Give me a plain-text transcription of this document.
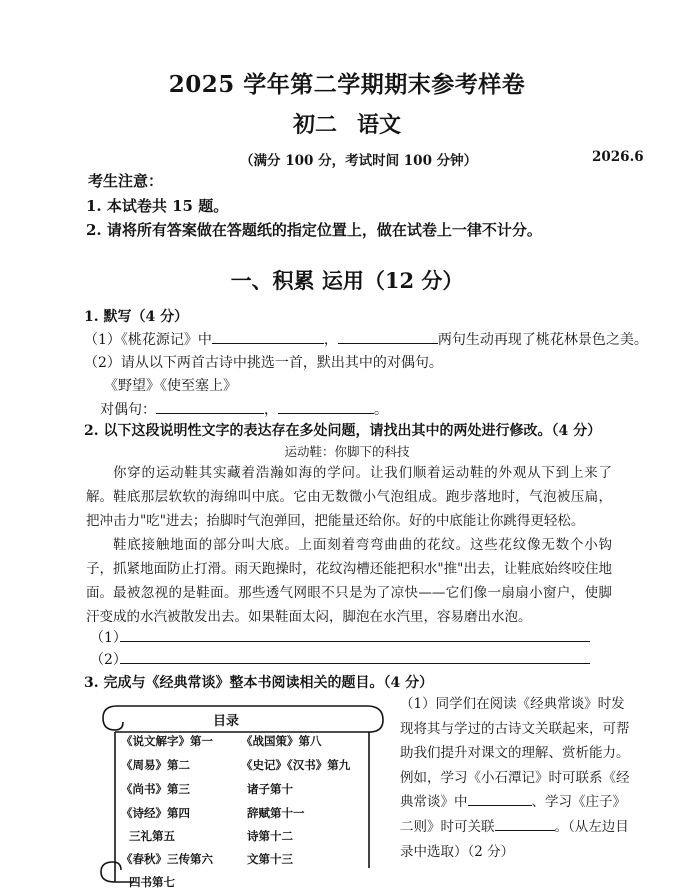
2025 学年第二学期期末参考样卷
初二 语文
（满分 100 分，考试时间 100 分钟）	2026.6
考生注意：
1. 本试卷共 15 题。
2. 请将所有答案做在答题纸的指定位置上，做在试卷上一律不计分。
一、积累 运用（12 分）
1. 默写（4 分）
（1）《桃花源记》中	，	两句生动再现了桃花林景色之美。
（2）请从以下两首古诗中挑选一首，默出其中的对偶句。
《野望》《使至塞上》
对偶句：	，	。
2. 以下这段说明性文字的表达存在多处问题，请找出其中的两处进行修改。（4 分）
运动鞋：你脚下的科技
你穿的运动鞋其实藏着浩瀚如海的学问。让我们顺着运动鞋的外观从下到上来了解。 鞋底那层软软的海绵叫中底。它由无数微小气泡组成。跑步落地时，气泡被压扁，把冲击力"吃"进去；抬脚时气泡弹回，把能量还给你。好的中底能让你跳得更轻松。
鞋底接触地面的部分叫大底。上面刻着弯弯曲曲的花纹。这些花纹像无数个小钩子，抓紧地面防止打滑。雨天跑操时，花纹沟槽还能把积水"推"出去，让鞋底始终咬住地面。 最被忽视的是鞋面。那些透气网眼不只是为了凉快——它们像一扇扇小窗户，使脚汗变成的水汽被散发出去。如果鞋面太闷，脚泡在水汽里，容易磨出水泡。
（1）
（2）
3. 完成与《经典常谈》整本书阅读相关的题目。（4 分）
目录
《说文解字》第一
《周易》第二
《尚书》第三
《诗经》第四
三礼第五
《春秋》三传第六
四书第七
《战国策》第八
《史记》《汉书》第九
诸子第十
辞赋第十一
诗第十二
文第十三
（1）同学们在阅读《经典常谈》时发现将其与学过的古诗文关联起来，可帮助我们提升对课文的理解、赏析能力。例如，学习《小石潭记》时可联系《经典常谈》中	、学习《庄子》二则》时可关联	。（从左边目录中选取）（2 分）
